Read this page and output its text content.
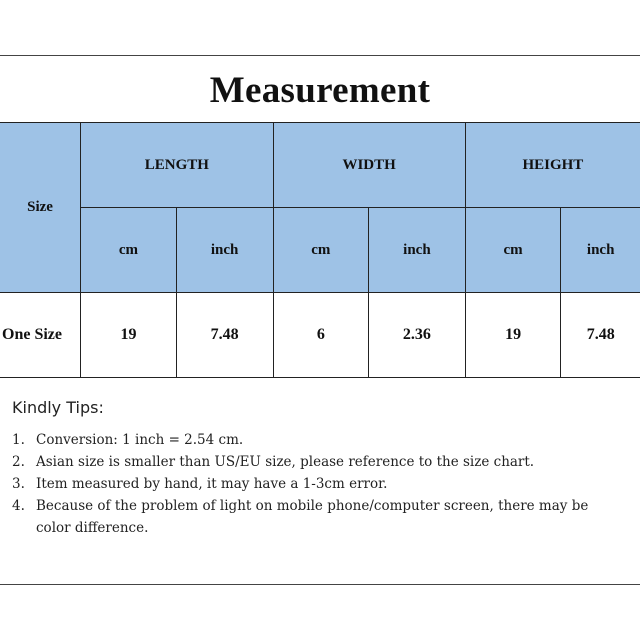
Measurement
Size	LENGTH		WIDTH		HEIGHT	
	cm	inch	cm	inch	cm	inch
One Size	19	7.48	6	2.36	19	7.48
Kindly Tips:
1. Conversion: 1 inch = 2.54 cm.
2. Asian size is smaller than US/EU size, please reference to the size chart.
3. Item measured by hand, it may have a 1-3cm error.
4. Because of the problem of light on mobile phone/computer screen, there may be color difference.
